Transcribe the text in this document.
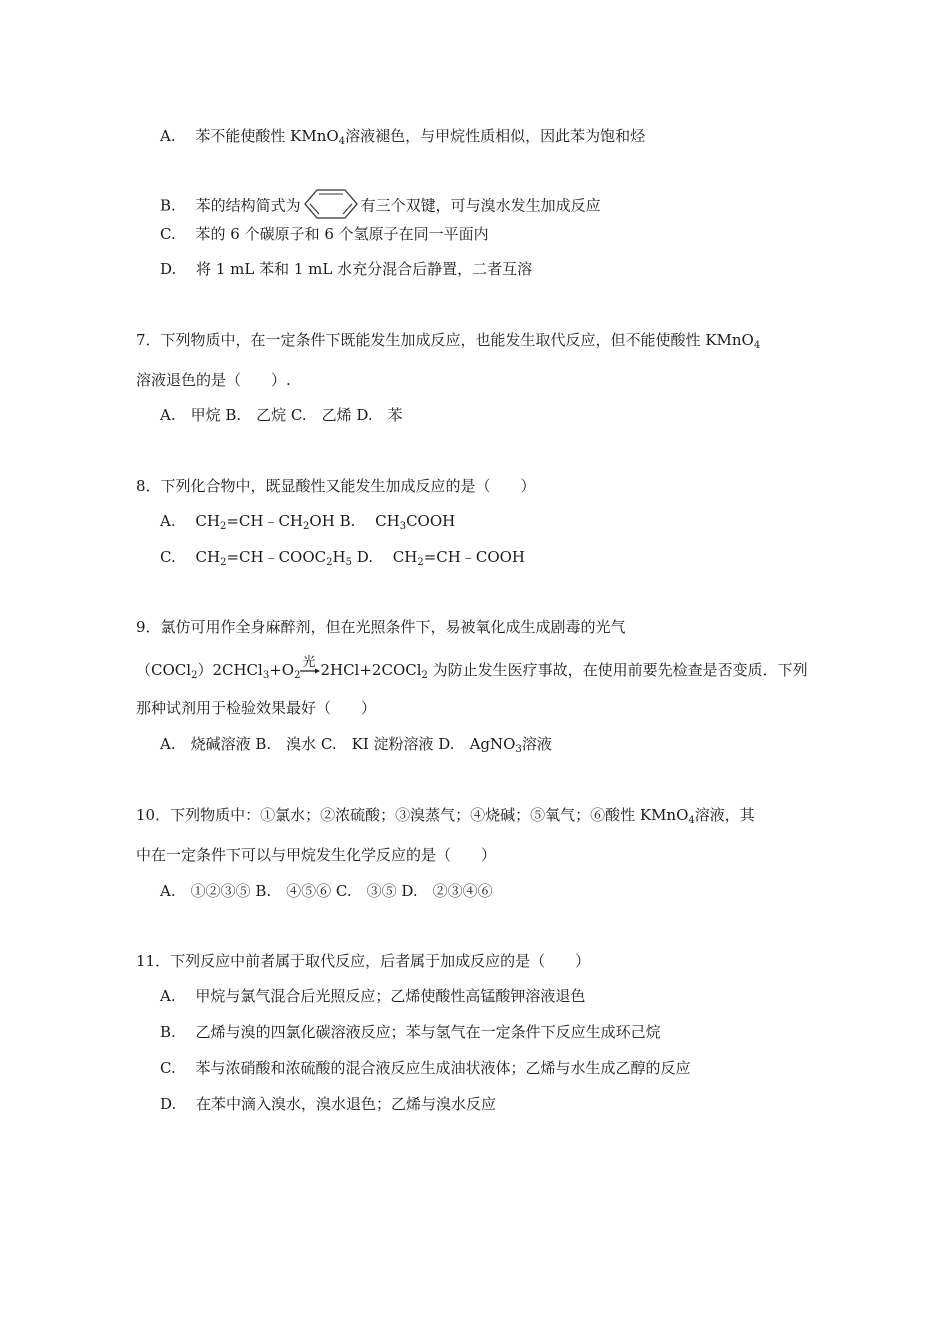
A.　 苯不能使酸性 KMnO$_4$溶液褪色，与甲烷性质相似，因此苯为饱和烃
B.　 苯的结构简式为	有三个双键，可与溴水发生加成反应
C.　 苯的 6 个碳原子和 6 个氢原子在同一平面内
D.　 将 1 mL 苯和 1 mL 水充分混合后静置，二者互溶
7．下列物质中，在一定条件下既能发生加成反应，也能发生取代反应，但不能使酸性 KMnO$_4$
溶液退色的是（　　）.
A.　甲烷 B.　乙烷 C.　乙烯 D.　苯
8．下列化合物中，既显酸性又能发生加成反应的是（　　）
A.　 $CH_2=CH﹣CH_2OH$ B.　 $CH_3COOH$
C.　 $CH_2=CH﹣COOC_2H_5$ D.　 $CH_2=CH﹣COOH$
9．氯仿可用作全身麻醉剂，但在光照条件下，易被氧化成生成剧毒的光气
$(COCl_2)2CHCl_3+O_2$
光 2HCl+2COCl$_2$ 为防止发生医疗事故，在使用前要先检查是否变质．下列
那种试剂用于检验效果最好（　　）
A.　烧碱溶液 B.　溴水 C.　KI 淀粉溶液 D.　AgNO$_3$溶液
10．下列物质中：①氯水；②浓硫酸；③溴蒸气；④烧碱；⑤氧气；⑥酸性 KMnO$_4$溶液，其
中在一定条件下可以与甲烷发生化学反应的是（　　）
A.　①②③⑤ B.　④⑤⑥ C.　③⑤ D.　②③④⑥
11．下列反应中前者属于取代反应，后者属于加成反应的是（　　）
A.　 甲烷与氯气混合后光照反应；乙烯使酸性高锰酸钾溶液退色
B.　 乙烯与溴的四氯化碳溶液反应；苯与氢气在一定条件下反应生成环己烷
C.　 苯与浓硝酸和浓硫酸的混合液反应生成油状液体；乙烯与水生成乙醇的反应
D.　 在苯中滴入溴水，溴水退色；乙烯与溴水反应
